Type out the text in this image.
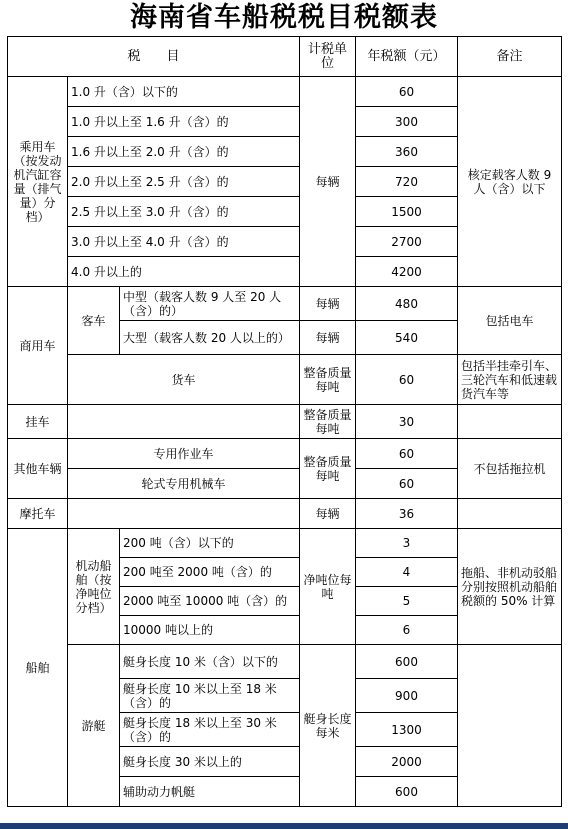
海南省车船税税目税额表
税　　目			计税单位	年税额（元）	备注
乘用车（按发动机汽缸容量（排气量）分档）	1.0 升（含）以下的		每辆	60	核定载客人数 9 人（含）以下
	1.0 升以上至 1.6 升（含）的			300	
	1.6 升以上至 2.0 升（含）的			360	
	2.0 升以上至 2.5 升（含）的			720	
	2.5 升以上至 3.0 升（含）的			1500	
	3.0 升以上至 4.0 升（含）的			2700	
	4.0 升以上的			4200	
商用车	客车	中型（载客人数 9 人至 20 人（含）的）	每辆	480	包括电车
		大型（载客人数 20 人以上的）	每辆	540	
	货车		整备质量每吨	60	包括半挂牵引车、三轮汽车和低速载货汽车等
挂车			整备质量每吨	30	
其他车辆	专用作业车		整备质量每吨	60	不包括拖拉机
	轮式专用机械车			60	
摩托车			每辆	36	
船舶	机动船舶（按净吨位分档）	200 吨（含）以下的	净吨位每吨	3	拖船、非机动驳船分别按照机动船舶税额的 50% 计算
		200 吨至 2000 吨（含）的		4	
		2000 吨至 10000 吨（含）的		5	
		10000 吨以上的		6	
	游艇	艇身长度 10 米（含）以下的	艇身长度每米	600	
		艇身长度 10 米以上至 18 米（含）的		900	
		艇身长度 18 米以上至 30 米（含）的		1300	
		艇身长度 30 米以上的		2000	
		辅助动力帆艇		600	
